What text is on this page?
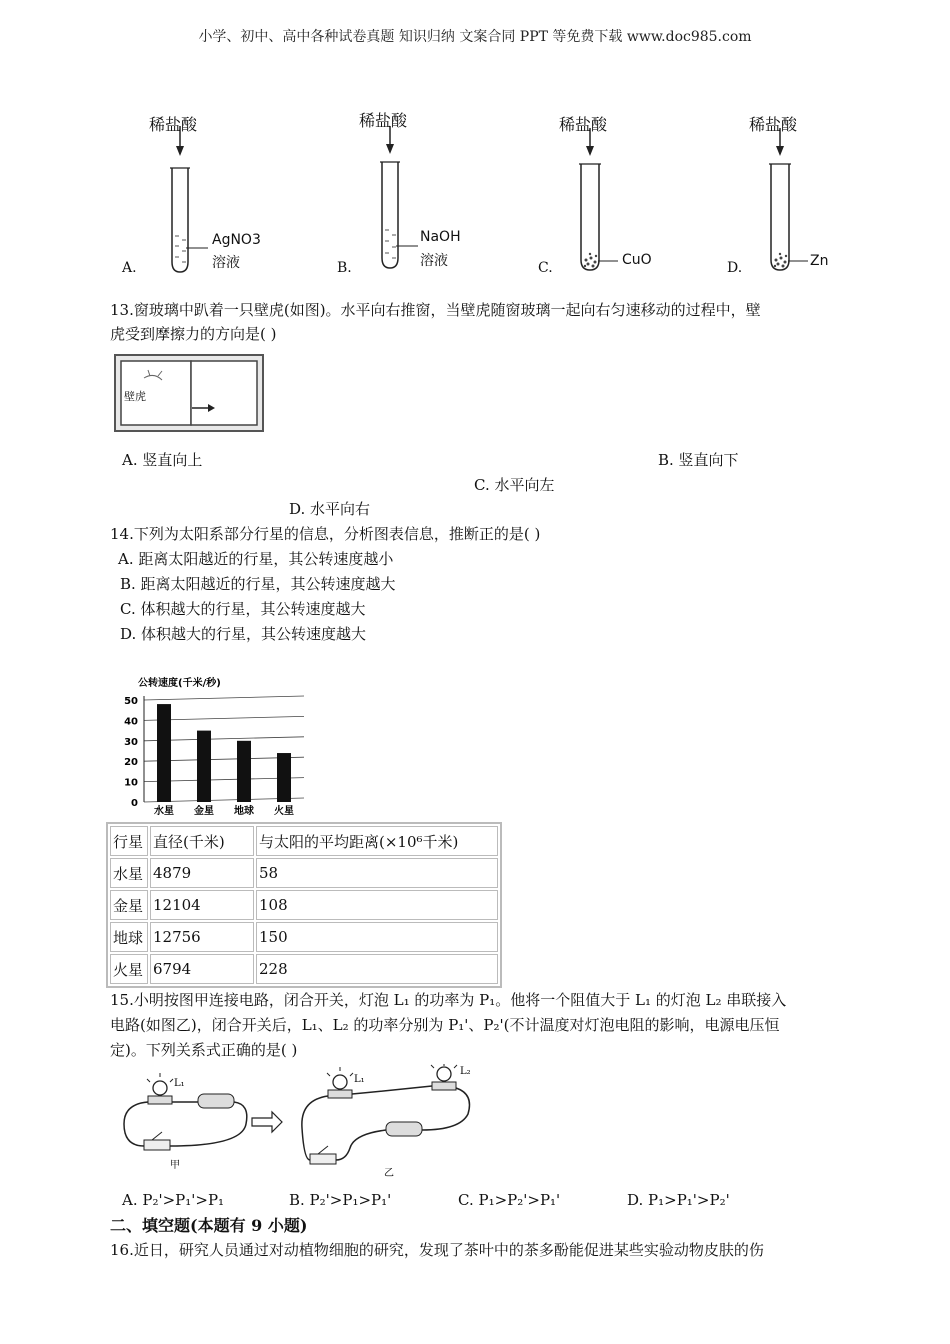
小学、初中、高中各种试卷真题 知识归纳 文案合同 PPT 等免费下载 www.doc985.com
稀盐酸	稀盐酸	稀盐酸	稀盐酸
AgNO3
溶液
NaOH
溶液	CuO	Zn
A.	B.	C.	D.
13.窗玻璃中趴着一只壁虎(如图)。水平向右推窗，当壁虎随窗玻璃一起向右匀速移动的过程中，壁
虎受到摩擦力的方向是( )
壁虎
A. 竖直向上	B. 竖直向下
C. 水平向左
D. 水平向右
14.下列为太阳系部分行星的信息，分析图表信息，推断正的是( )
A. 距离太阳越近的行星，其公转速度越小
B. 距离太阳越近的行星，其公转速度越大
C. 体积越大的行星，其公转速度越大
D. 体积越大的行星，其公转速度越大
公转速度(千米/秒)
0
10
20
30
40
50
水星 金星 地球 火星
行星	直径(千米)	与太阳的平均距离(×10⁶千米)
水星	4879	58
金星	12104	108
地球	12756	150
火星	6794	228
15.小明按图甲连接电路，闭合开关，灯泡 L₁ 的功率为 P₁。他将一个阻值大于 L₁ 的灯泡 L₂ 串联接入
电路(如图乙)，闭合开关后，L₁、L₂ 的功率分别为 P₁'、P₂'(不计温度对灯泡电阻的影响，电源电压恒
定)。下列关系式正确的是( )
甲
L₁
乙
L₁
L₂
A. P₂'>P₁'>P₁	B. P₂'>P₁>P₁'	C. P₁>P₂'>P₁'	D. P₁>P₁'>P₂'
二、填空题(本题有 9 小题)
16.近日，研究人员通过对动植物细胞的研究，发现了茶叶中的茶多酚能促进某些实验动物皮肤的伤
